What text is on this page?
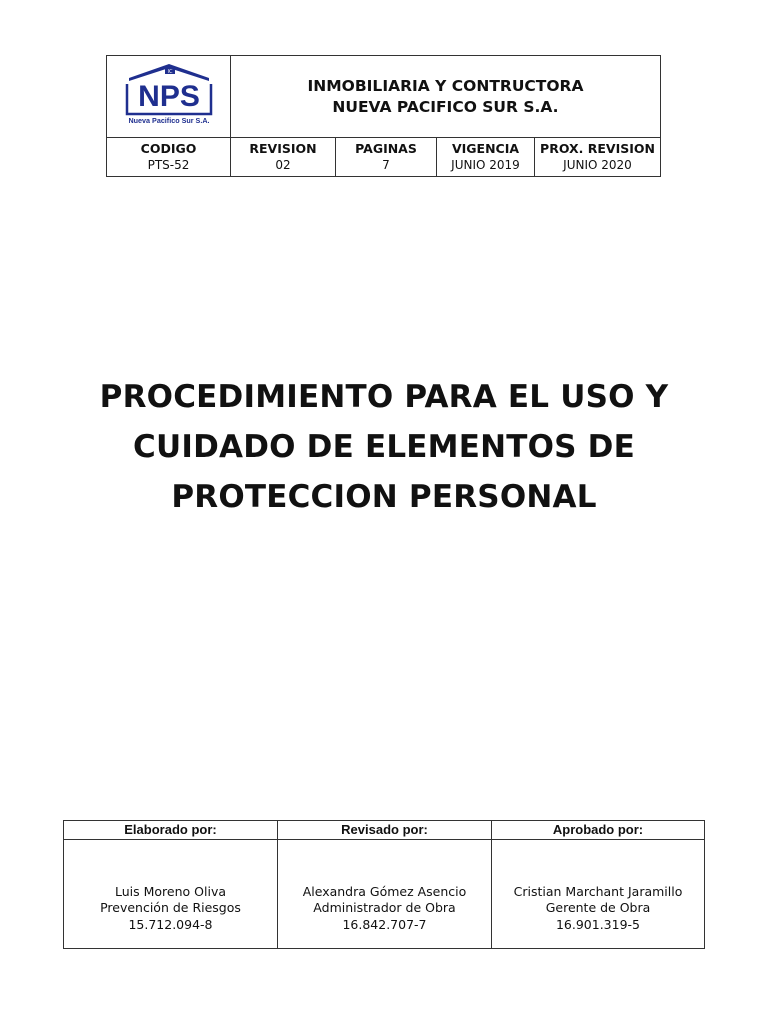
IC
NPS
Nueva Pacifico Sur S.A.
INMOBILIARIA Y CONTRUCTORA
NUEVA PACIFICO SUR S.A.
CODIGO
PTS-52
REVISION
02
PAGINAS
7
VIGENCIA
JUNIO 2019
PROX. REVISION
JUNIO 2020
PROCEDIMIENTO PARA EL USO Y
CUIDADO DE ELEMENTOS DE
PROTECCION PERSONAL
Elaborado por:	Revisado por:	Aprobado por:
Luis Moreno Oliva
Prevención de Riesgos
15.712.094-8
Alexandra Gómez Asencio
Administrador de Obra
16.842.707-7
Cristian Marchant Jaramillo
Gerente de Obra
16.901.319-5
